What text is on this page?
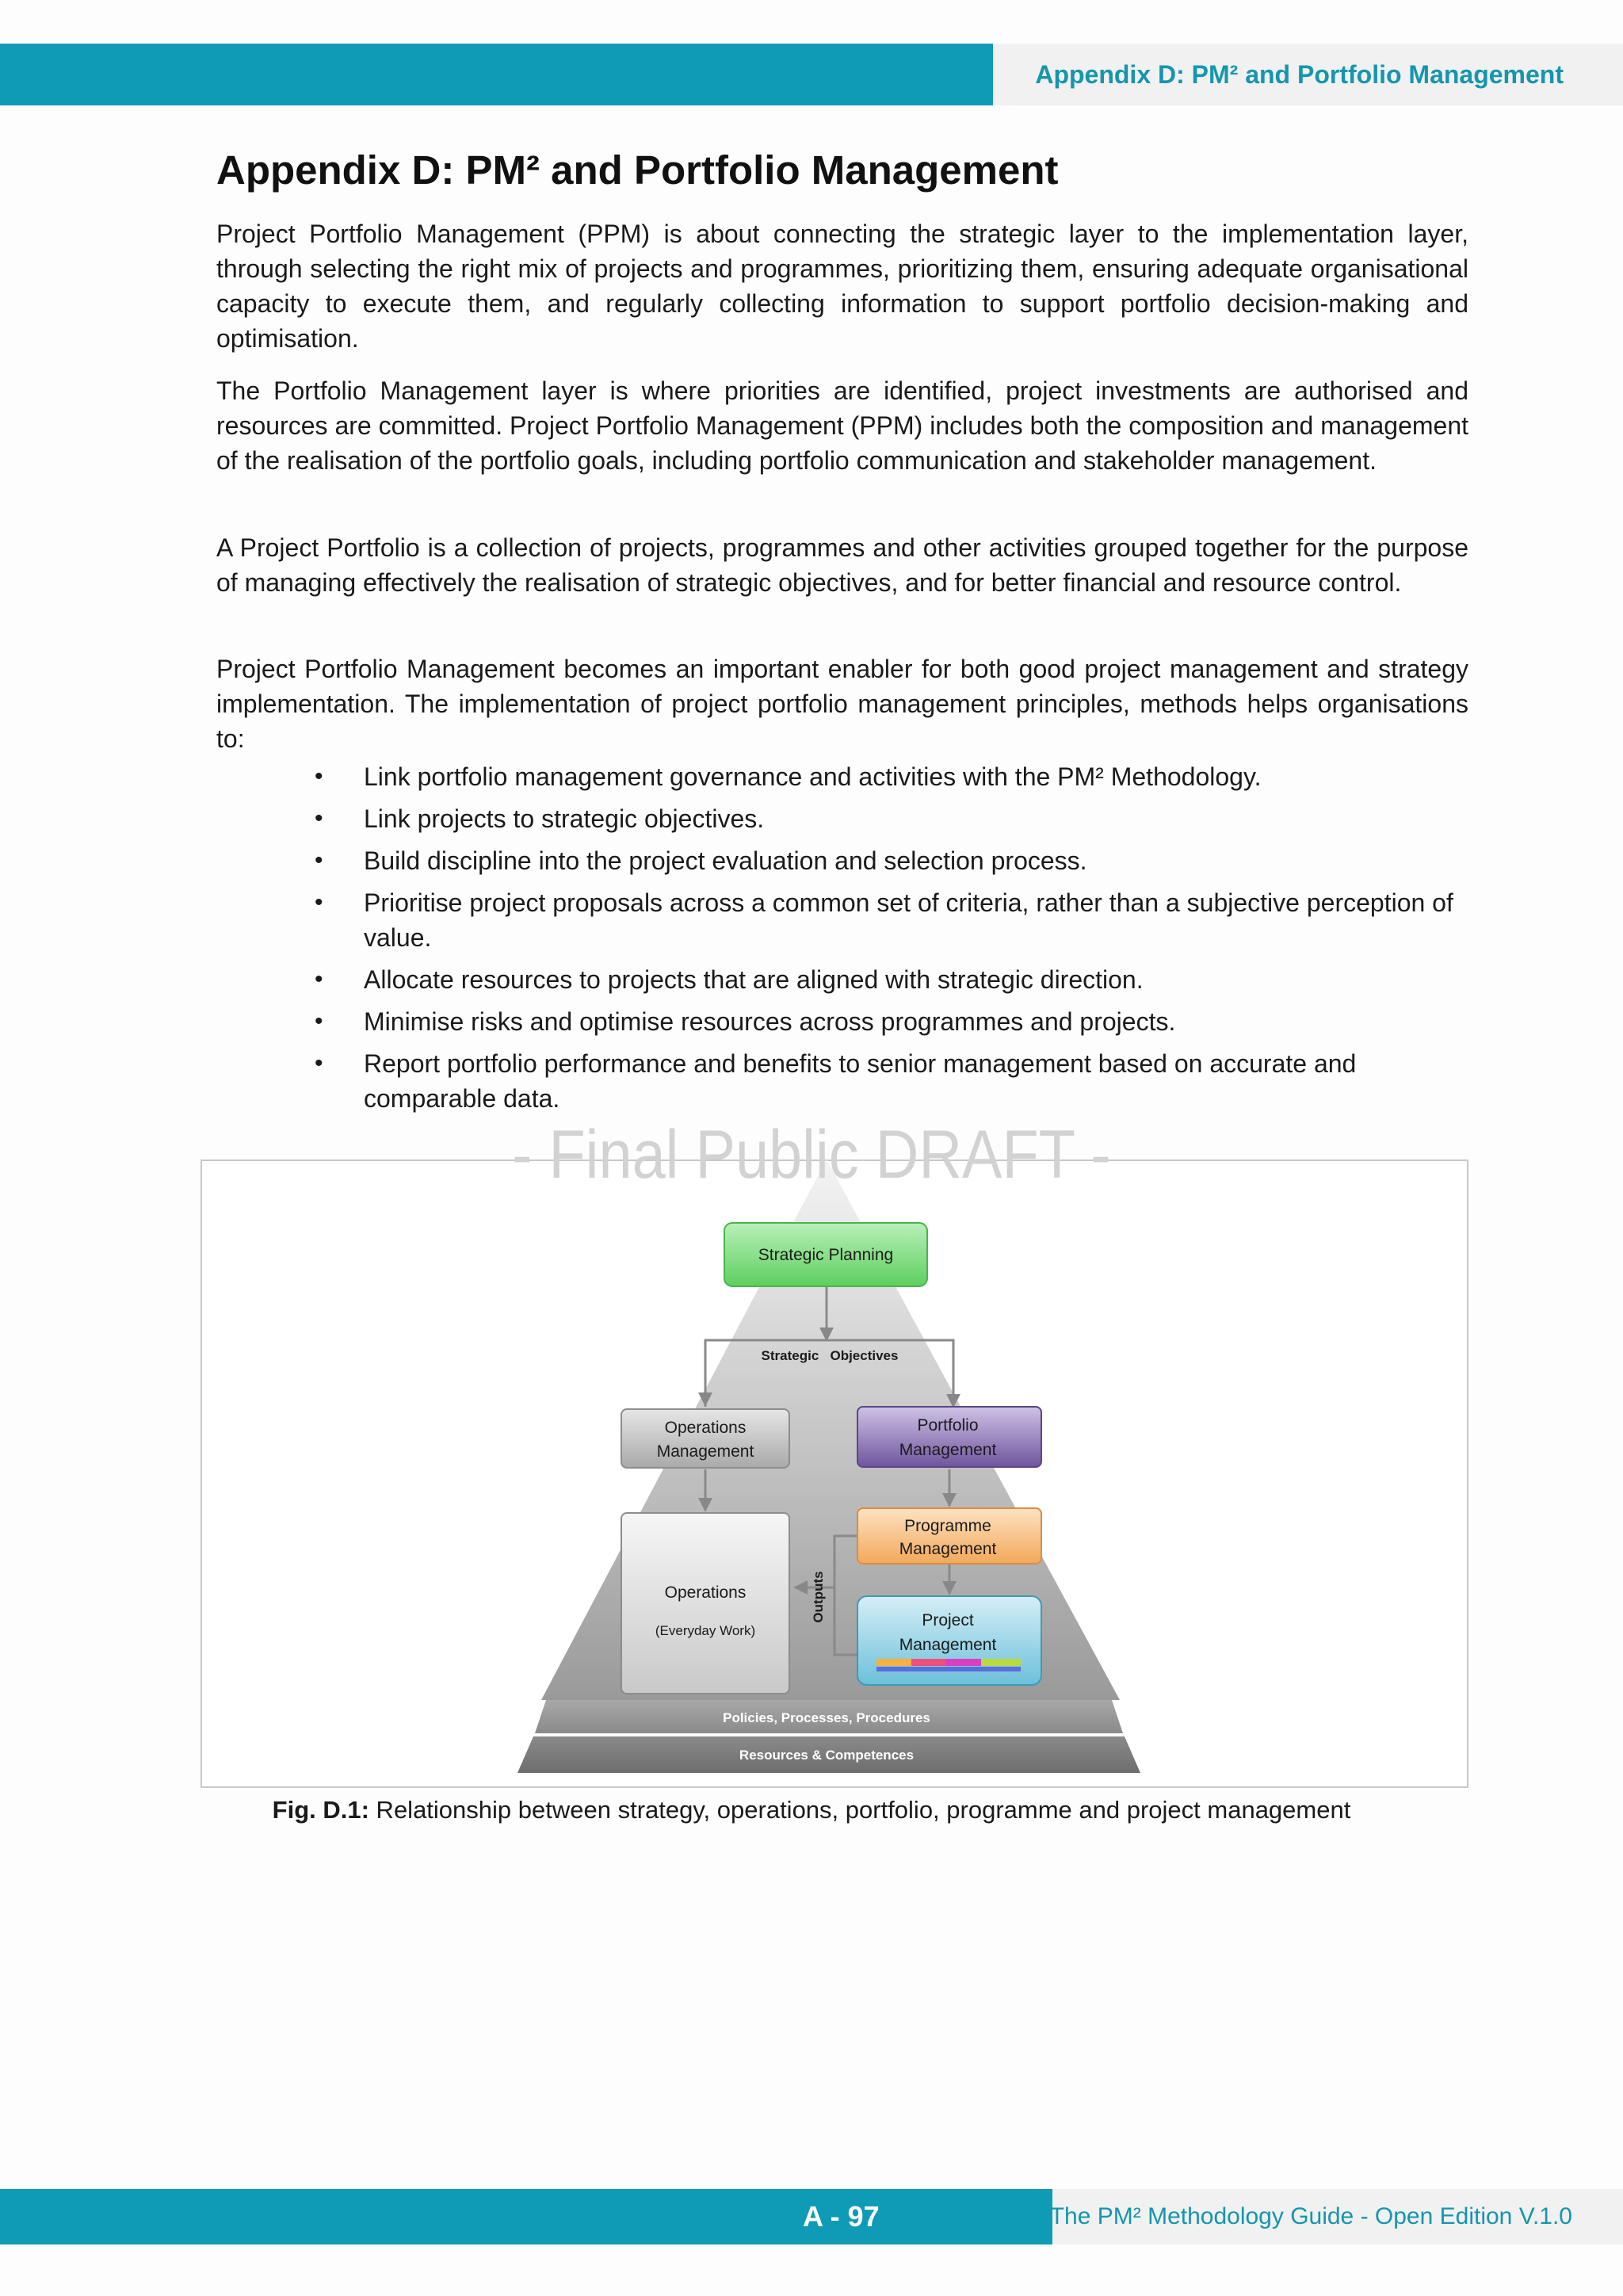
Appendix D: PM² and Portfolio Management
Appendix D: PM² and Portfolio Management

Project Portfolio Management (PPM) is about connecting the strategic layer to the implementation layer, through selecting the right mix of projects and programmes, prioritizing them, ensuring adequate organisational capacity to execute them, and regularly collecting information to support portfolio decision-making and optimisation.

The Portfolio Management layer is where priorities are identified, project investments are authorised and resources are committed. Project Portfolio Management (PPM) includes both the composition and management of the realisation of the portfolio goals, including portfolio communication and stakeholder management.

A Project Portfolio is a collection of projects, programmes and other activities grouped together for the purpose of managing effectively the realisation of strategic objectives, and for better financial and resource control.

Project Portfolio Management becomes an important enabler for both good project management and strategy implementation. The implementation of project portfolio management principles, methods helps organisations to:

• Link portfolio management governance and activities with the PM² Methodology.
• Link projects to strategic objectives.
• Build discipline into the project evaluation and selection process.
• Prioritise project proposals across a common set of criteria, rather than a subjective perception of value.
• Allocate resources to projects that are aligned with strategic direction.
• Minimise risks and optimise resources across programmes and projects.
• Report portfolio performance and benefits to senior management based on accurate and comparable data.
Policies, Processes, Procedures
Resources & Competences
Strategic Planning
Strategic   Objectives
Operations
Management
Portfolio
Management
Operations
(Everyday Work)
Outputs
Programme
Management
Project
Management
- Final Public DRAFT -
Fig. D.1: Relationship between strategy, operations, portfolio, programme and project management
A - 97	The PM² Methodology Guide - Open Edition V.1.0
